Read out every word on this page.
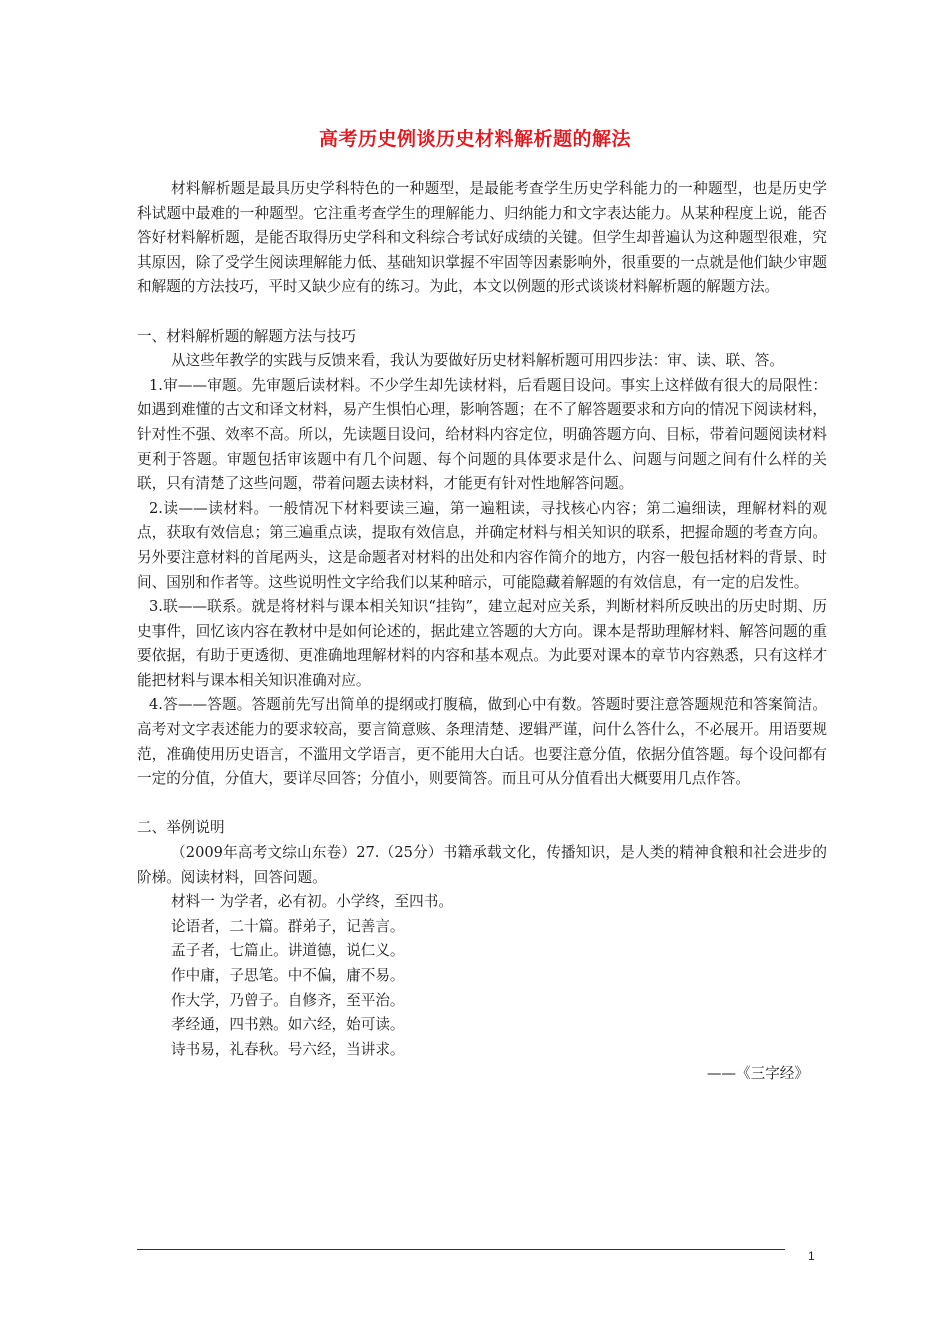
高考历史例谈历史材料解析题的解法

材料解析题是最具历史学科特色的一种题型，是最能考查学生历史学科能力的一种题型，也是历史学科试题中最难的一种题型。它注重考查学生的理解能力、归纳能力和文字表达能力。从某种程度上说，能否答好材料解析题，是能否取得历史学科和文科综合考试好成绩的关键。但学生却普遍认为这种题型很难，究其原因，除了受学生阅读理解能力低、基础知识掌握不牢固等因素影响外，很重要的一点就是他们缺少审题和解题的方法技巧，平时又缺少应有的练习。为此，本文以例题的形式谈谈材料解析题的解题方法。

一、材料解析题的解题方法与技巧

从这些年教学的实践与反馈来看，我认为要做好历史材料解析题可用四步法：审、读、联、答。

1.审——审题。先审题后读材料。不少学生却先读材料，后看题目设问。事实上这样做有很大的局限性：如遇到难懂的古文和译文材料，易产生惧怕心理，影响答题；在不了解答题要求和方向的情况下阅读材料，针对性不强、效率不高。所以，先读题目设问，给材料内容定位，明确答题方向、目标，带着问题阅读材料更利于答题。审题包括审该题中有几个问题、每个问题的具体要求是什么、问题与问题之间有什么样的关联，只有清楚了这些问题，带着问题去读材料，才能更有针对性地解答问题。

2.读——读材料。一般情况下材料要读三遍，第一遍粗读，寻找核心内容；第二遍细读，理解材料的观点，获取有效信息；第三遍重点读，提取有效信息，并确定材料与相关知识的联系，把握命题的考查方向。另外要注意材料的首尾两头，这是命题者对材料的出处和内容作简介的地方，内容一般包括材料的背景、时间、国别和作者等。这些说明性文字给我们以某种暗示，可能隐藏着解题的有效信息，有一定的启发性。

3.联——联系。就是将材料与课本相关知识“挂钩”，建立起对应关系，判断材料所反映出的历史时期、历史事件，回忆该内容在教材中是如何论述的，据此建立答题的大方向。课本是帮助理解材料、解答问题的重要依据，有助于更透彻、更准确地理解材料的内容和基本观点。为此要对课本的章节内容熟悉，只有这样才能把材料与课本相关知识准确对应。

4.答——答题。答题前先写出简单的提纲或打腹稿，做到心中有数。答题时要注意答题规范和答案简洁。高考对文字表述能力的要求较高，要言简意赅、条理清楚、逻辑严谨，问什么答什么，不必展开。用语要规范，准确使用历史语言，不滥用文学语言，更不能用大白话。也要注意分值，依据分值答题。每个设问都有一定的分值，分值大，要详尽回答；分值小，则要简答。而且可从分值看出大概要用几点作答。

二、举例说明

（2009年高考文综山东卷）27.（25分）书籍承载文化，传播知识，是人类的精神食粮和社会进步的阶梯。阅读材料，回答问题。

材料一 为学者，必有初。小学终，至四书。

论语者，二十篇。群弟子，记善言。

孟子者，七篇止。讲道德，说仁义。

作中庸，子思笔。中不偏，庸不易。

作大学，乃曾子。自修齐，至平治。

孝经通，四书熟。如六经，始可读。

诗书易，礼春秋。号六经，当讲求。

——《三字经》

1
